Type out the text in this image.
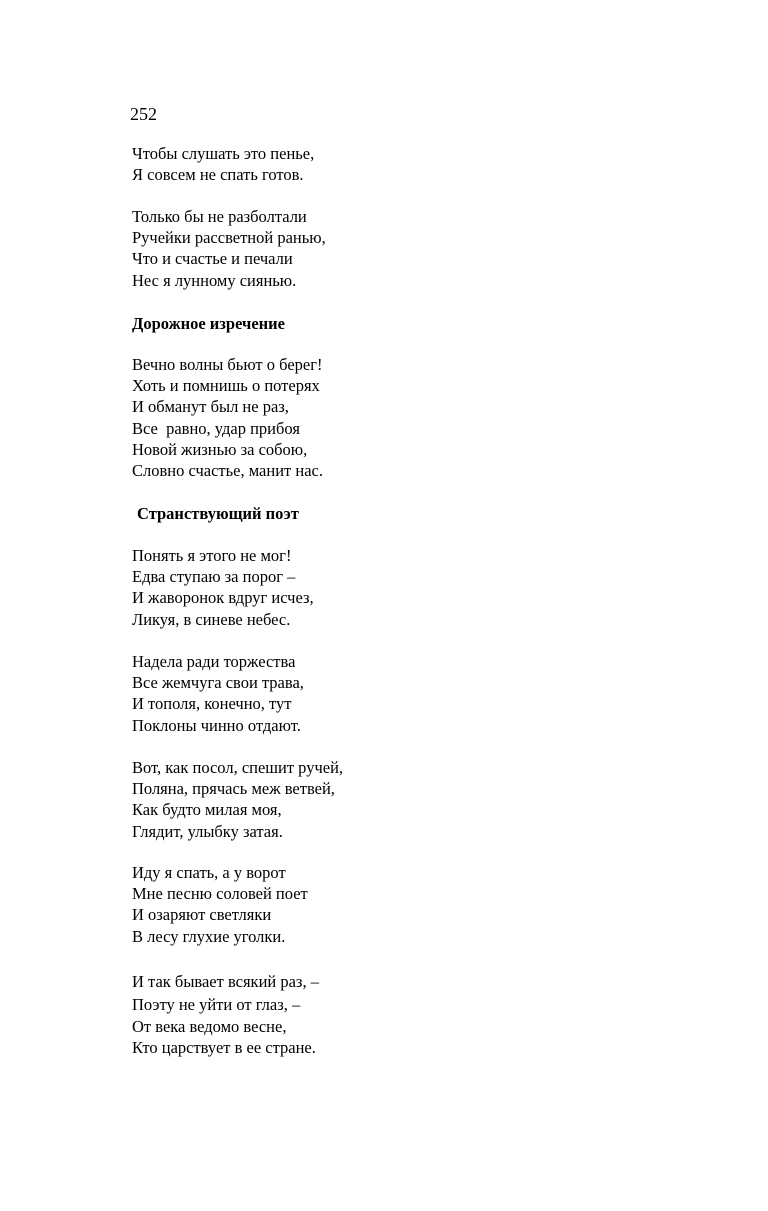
252

Чтобы слушать это пенье,
Я совсем не спать готов.
Только бы не разболтали
Ручейки рассветной ранью,
Что и счастье и печали
Нес я лунному сиянью.

Дорожное изречение

Вечно волны бьют о берег!
Хоть и помнишь о потерях
И обманут был не раз,
Все  равно, удар прибоя
Новой жизнью за собою,
Словно счастье, манит нас.

Странствующий поэт

Понять я этого не мог!
Едва ступаю за порог –
И жаворонок вдруг исчез,
Ликуя, в синеве небес.
Надела ради торжества
Все жемчуга свои трава,
И тополя, конечно, тут
Поклоны чинно отдают.
Вот, как посол, спешит ручей,
Поляна, прячась меж ветвей,
Как будто милая моя,
Глядит, улыбку затая.
Иду я спать, а у ворот
Мне песню соловей поет
И озаряют светляки
В лесу глухие уголки.
И так бывает всякий раз, –
Поэту не уйти от глаз, –
От века ведомо весне,
Кто царствует в ее стране.
